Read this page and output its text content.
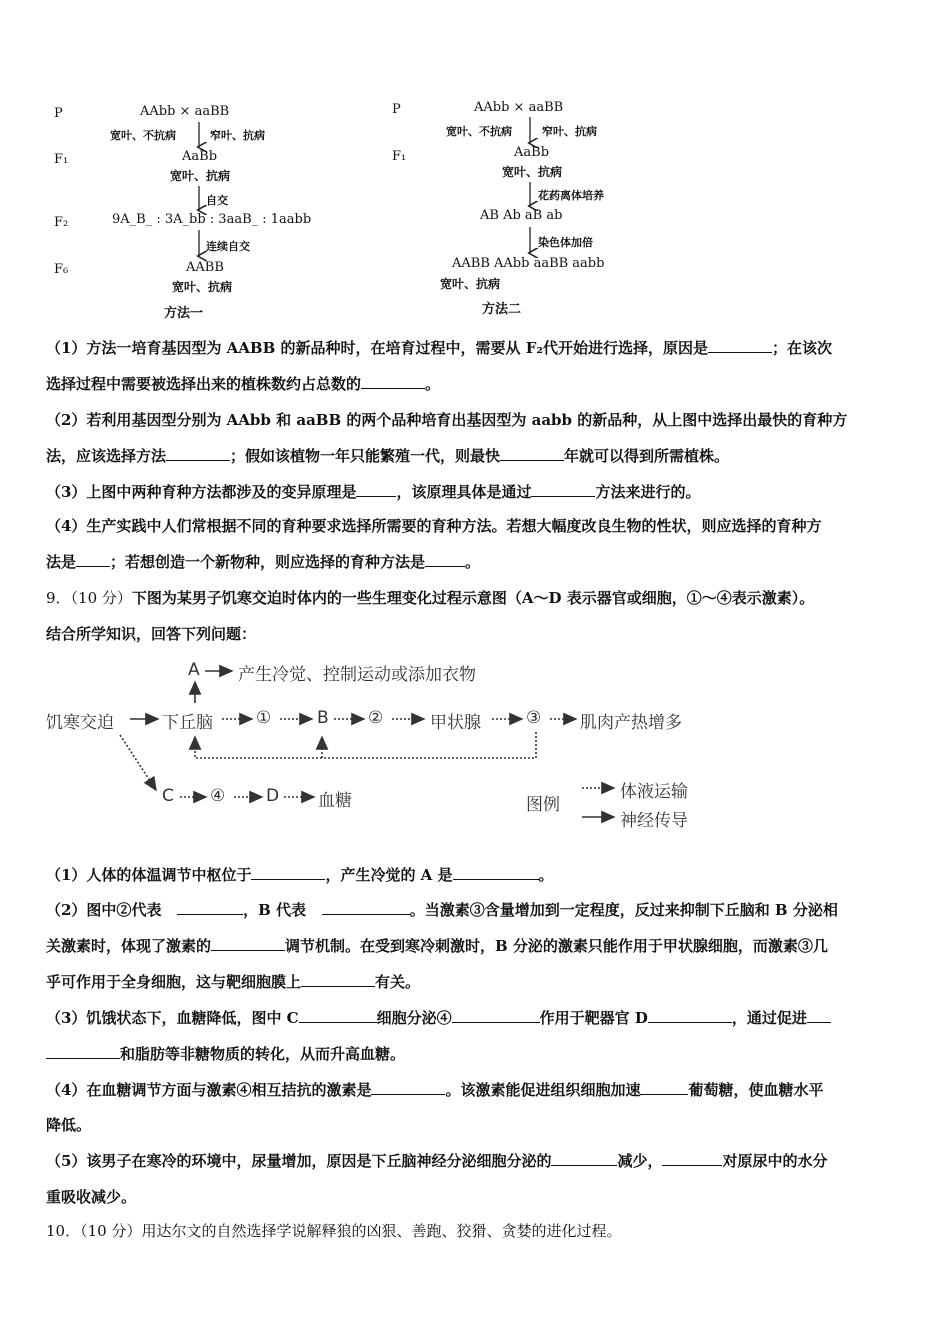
P	AAbb × aaBB
宽叶、不抗病	窄叶、抗病
F₁	AaBb
宽叶、抗病
自交
F₂	9A_B_ : 3A_bb : 3aaB_ : 1aabb
连续自交
F₆	AABB
宽叶、抗病
方法一
P	AAbb × aaBB
宽叶、不抗病	窄叶、抗病
F₁	AaBb
宽叶、抗病
花药离体培养
AB Ab aB ab
染色体加倍
AABB AAbb aaBB aabb
宽叶、抗病
方法二
（1）方法一培育基因型为 AABB 的新品种时，在培育过程中，需要从 F₂代开始进行选择，原因是	；在该次
选择过程中需要被选择出来的植株数约占总数的	。
（2）若利用基因型分别为 AAbb 和 aaBB 的两个品种培育出基因型为 aabb 的新品种，从上图中选择出最快的育种方
法，应该选择方法	；假如该植物一年只能繁殖一代，则最快	年就可以得到所需植株。
（3）上图中两种育种方法都涉及的变异原理是	，该原理具体是通过	方法来进行的。
（4）生产实践中人们常根据不同的育种要求选择所需要的育种方法。若想大幅度改良生物的性状，则应选择的育种方
法是 ；若想创造一个新物种，则应选择的育种方法是	。
9．（10 分）下图为某男子饥寒交迫时体内的一些生理变化过程示意图（A～D 表示器官或细胞，①～④表示激素）。
结合所学知识，回答下列问题：
A 产生冷觉、控制运动或添加衣物
饥寒交迫	下丘脑	①	B ②	甲状腺	③ 肌肉产热增多
C ④ D 血糖	图例
体液运输
神经传导
（1）人体的体温调节中枢位于	，产生冷觉的 A 是	。
（2）图中②代表	，B 代表	。当激素③含量增加到一定程度，反过来抑制下丘脑和 B 分泌相
关激素时，体现了激素的	调节机制。在受到寒冷刺激时，B 分泌的激素只能作用于甲状腺细胞，而激素③几
乎可作用于全身细胞，这与靶细胞膜上	有关。
（3）饥饿状态下，血糖降低，图中 C	细胞分泌④	作用于靶器官 D	，通过促进
和脂肪等非糖物质的转化，从而升高血糖。
（4）在血糖调节方面与激素④相互拮抗的激素是	。该激素能促进组织细胞加速	葡萄糖，使血糖水平
降低。
（5）该男子在寒冷的环境中，尿量增加，原因是下丘脑神经分泌细胞分泌的	减少，	对原尿中的水分
重吸收减少。
10．（10 分）用达尔文的自然选择学说解释狼的凶狠、善跑、狡猾、贪婪的进化过程。
